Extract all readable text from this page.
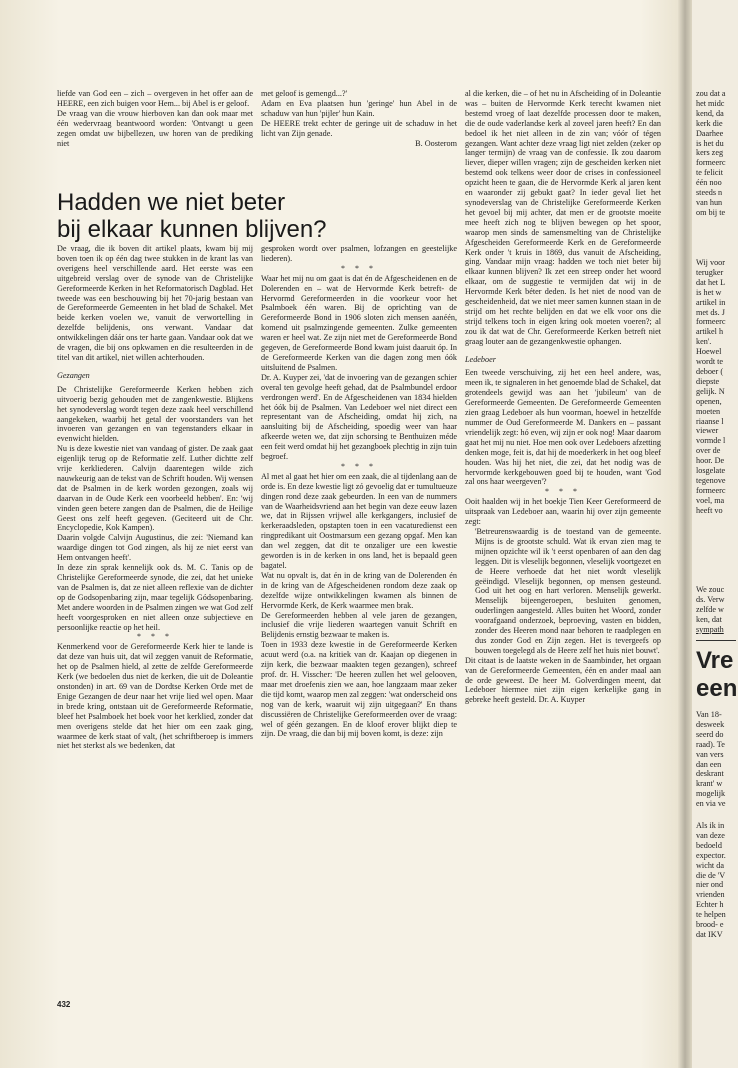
liefde van God een – zich – overgeven in het offer aan de HEERE, een zich buigen voor Hem... bij Abel is er geloof.

De vraag van die vrouw hierboven kan dan ook maar met één wedervraag beantwoord worden: 'Ontvangt u geen zegen omdat uw bijbellezen, uw horen van de prediking niet

met geloof is gemengd...?'

Adam en Eva plaatsen hun 'geringe' hun Abel in de schaduw van hun 'pijler' hun Kain.

De HEERE trekt echter de geringe uit de schaduw in het licht van Zijn genade.

B. Oosterom

Hadden we niet beter
bij elkaar kunnen blijven?

De vraag, die ik boven dit artikel plaats, kwam bij mij boven toen ik op één dag twee stukken in de krant las van overigens heel verschillende aard. Het eerste was een uitgebreid verslag over de synode van de Christelijke Gereformeerde Kerken in het Reformatorisch Dagblad. Het tweede was een beschouwing bij het 70-jarig bestaan van de Gereformeerde Gemeenten in het blad de Schakel. Met beide kerken voelen we, vanuit de verwortelling in dezelfde belijdenis, ons verwant. Vandaar dat ontwikkelingen dáár ons ter harte gaan. Vandaar ook dat we de vragen, die bij ons opkwamen en die resulteerden in de titel van dit artikel, niet willen achterhouden.

Gezangen

De Christelijke Gereformeerde Kerken hebben zich uitvoerig bezig gehouden met de zangenkwestie. Blijkens het synodeverslag wordt tegen deze zaak heel verschillend aangekeken, waarbij het getal der voorstanders van het invoeren van gezangen en van tegenstanders elkaar in evenwicht hielden.

Nu is deze kwestie niet van vandaag of gister. De zaak gaat eigenlijk terug op de Reformatie zelf. Luther dichtte zelf vrije kerkliederen. Calvijn daarentegen wilde zich nauwkeurig aan de tekst van de Schrift houden. Wij wensen dat de Psalmen in de kerk worden gezongen, zoals wij daarvan in de Oude Kerk een voorbeeld hebben'. En: 'wij vinden geen betere zangen dan de Psalmen, die de Heilige Geest ons zelf heeft gegeven. (Geciteerd uit de Chr. Encyclopedie, Kok Kampen).

Daarin volgde Calvijn Augustinus, die zei: 'Niemand kan waardige dingen tot God zingen, als hij ze niet eerst van Hem ontvangen heeft'.

In deze zin sprak kennelijk ook ds. M. C. Tanis op de Christelijke Gereformeerde synode, die zei, dat het unieke van de Psalmen is, dat ze niet alleen reflexie van de dichter op de Godsopenbaring zijn, maar tegelijk Gódsopenbaring. Met andere woorden in de Psalmen zingen we wat God zelf heeft voorgesproken en niet alleen onze subjectieve en persoonlijke reactie op het heil.

* * *

Kenmerkend voor de Gereformeerde Kerk hier te lande is dat deze van huis uit, dat wil zeggen vanuit de Reformatie, het op de Psalmen hield, al zette de zelfde Gereformeerde Kerk (we bedoelen dus niet de kerken, die uit de Doleantie onstonden) in art. 69 van de Dordtse Kerken Orde met de Enige Gezangen de deur naar het vrije lied wel open. Maar in brede kring, ontstaan uit de Gereformeerde Reformatie, bleef het Psalmboek het boek voor het kerklied, zonder dat men overigens stelde dat het hier om een zaak ging, waarmee de kerk staat of valt, (het schriftberoep is immers niet het sterkst als we bedenken, dat

gesproken wordt over psalmen, lofzangen en geestelijke liederen).

* * *

Waar het mij nu om gaat is dat én de Afgescheidenen en de Dolerenden en – wat de Hervormde Kerk betreft- de Hervormd Gereformeerden in die voorkeur voor het Psalmboek één waren. Bij de oprichting van de Gereformeerde Bond in 1906 sloten zich mensen aanéén, komend uit psalmzingende gemeenten. Zulke gemeenten waren er heel wat. Ze zijn niet met de Gereformeerde Bond gegeven, de Gereformeerde Bond kwam juist daaruit óp. In de Gereformeerde Kerken van die dagen zong men óók uitsluitend de Psalmen.

Dr. A. Kuyper zei, 'dat de invoering van de gezangen schier overal ten gevolge heeft gehad, dat de Psalmbundel erdoor verdrongen werd'. En de Afgescheidenen van 1834 hielden het óók bij de Psalmen. Van Ledeboer wel niet direct een representant van de Afscheiding, omdat hij zich, na aansluiting bij de Afscheiding, spoedig weer van haar afkeerde weten we, dat zijn schorsing te Benthuizen méde een feit werd omdat hij het gezangboek plechtig in zijn tuin begroef.

* * *

Al met al gaat het hier om een zaak, die al tijdenlang aan de orde is. En deze kwestie ligt zó gevoelig dat er tumultueuze dingen rond deze zaak gebeurden. In een van de nummers van de Waarheidsvriend aan het begin van deze eeuw lazen we, dat in Rijssen vrijwel alle kerkgangers, inclusief de kerkeraadsleden, opstapten toen in een vacaturedienst een ringpredikant uit Oostmarsum een gezang opgaf. Men kan dan wel zeggen, dat dit te onzaliger ure een kwestie geworden is in de kerken in ons land, het is bepaald geen bagatel.

Wat nu opvalt is, dat én in de kring van de Dolerenden én in de kring van de Afgescheidenen rondom deze zaak op dezelfde wijze ontwikkelingen kwamen als binnen de Hervormde Kerk, de Kerk waarmee men brak.

De Gereformeerden hebben al vele jaren de gezangen, inclusief die vrije liederen waartegen vanuit Schrift en Belijdenis ernstig bezwaar te maken is.

Toen in 1933 deze kwestie in de Gereformeerde Kerken acuut werd (o.a. na kritiek van dr. Kaajan op diegenen in zijn kerk, die bezwaar maakten tegen gezangen), schreef prof. dr. H. Visscher: 'De heeren zullen het wel gelooven, maar met droefenis zien we aan, hoe langzaam maar zeker die tijd komt, waarop men zal zeggen: 'wat onderscheid ons nog van de kerk, waaruit wij zijn uitgegaan?' En thans discussiëren de Christelijke Gereformeerden over de vraag: wel of géén gezangen. En de kloof erover blijkt diep te zijn. De vraag, die dan bij mij boven komt, is deze: zijn

al die kerken, die – of het nu in Afscheiding of in Doleantie was – buiten de Hervormde Kerk terecht kwamen niet bestemd vroeg of laat dezelfde processen door te maken, die de oude vaderlandse kerk al zoveel jaren heeft? En dan bedoel ik het niet alleen in de zin van; vóór of tégen gezangen. Want achter deze vraag ligt niet zelden (zeker op langer termijn) de vraag van de confessie. Ik zou daarom liever, dieper willen vragen; zijn de gescheiden kerken niet bestemd ook telkens weer door de crises in confessioneel opzicht heen te gaan, die de Hervormde Kerk al jaren kent en waaronder zij gebukt gaat? In ieder geval liet het synodeverslag van de Christelijke Gereformeerde Kerken het gevoel bij mij achter, dat men er de grootste moeite mee heeft zich nog te blijven bewegen op het spoor, waarop men sinds de samensmelting van de Christelijke Afgescheiden Gereformeerde Kerk en de Gereformeerde Kerk onder 't kruis in 1869, dus vanuit de Afscheiding, ging. Vandaar mijn vraag: hadden we toch niet beter bij elkaar kunnen blijven? Ik zet een streep onder het woord elkaar, om de suggestie te vermijden dat wij in de Hervormde Kerk béter deden. Is het niet de nood van de gescheidenheid, dat we niet meer samen kunnen staan in de strijd om het rechte belijden en dat we elk voor ons die strijd telkens toch in eigen kring ook moeten voeren?; al zou ik dat wat de Chr. Gereformeerde Kerken betreft niet graag louter aan de gezangenkwestie ophangen.

Ledeboer

Een tweede verschuiving, zij het een heel andere, was, meen ik, te signaleren in het genoemde blad de Schakel, dat grotendeels gewijd was aan het 'jubileum' van de Gereformeerde Gemeenten. De Gereformeerde Gemeenten zien graag Ledeboer als hun voorman, hoewel in hetzelfde nummer de Oud Gereformeerde M. Dankers en – passant vriendelijk zegt: hó even, wij zijn er ook nog! Maar daarom gaat het mij nu niet. Hoe men ook over Ledeboers afzetting denken moge, feit is, dat hij de moederkerk in het oog bleef houden. Was hij het niet, die zei, dat het nodig was de hervormde kerkgebouwen goed bij te houden, want 'God zal ons haar weergeven'?

* * *

Ooit haalden wij in het boekje Tien Keer Gereformeerd de uitspraak van Ledeboer aan, waarin hij over zijn gemeente zegt:

'Betreurenswaardig is de toestand van de gemeente. Mijns is de grootste schuld. Wat ik ervan zien mag te mijnen opzichte wil ik 't eerst openbaren of aan den dag leggen. Dit is vleselijk begonnen, vleselijk voortgezet en de Heere verhoede dat het niet wordt vleselijk geëindigd. Vleselijk begonnen, op mensen gesteund. God uit het oog en hart verloren. Menselijk gewerkt. Menselijk bijeengeroepen, besluiten genomen, ouderlingen aangesteld. Alles buiten het Woord, zonder voorafgaand onderzoek, beproeving, vasten en bidden, zonder des Heeren mond naar behoren te raadplegen en dus zonder God en Zijn zegen. Het is tevergeefs op bouwen toegelegd als de Heere zelf het huis niet bouwt'.

Dit citaat is de laatste weken in de Saambinder, het orgaan van de Gereformeerde Gemeenten, één en ander maal aan de orde geweest. De heer M. Golverdingen meent, dat Ledeboer hiermee niet zijn eigen kerkelijke gang in gebreke heeft gesteld. Dr. A. Kuyper

432
zou dat a
het midc
kend, da
kerk die
Daarhee
is het du
kers zeg
formeerc
te felicit
één noo
steeds n
van hun
om bij te
Wij voor
terugker
dat het L
is het w
artikel in
met ds. J
formeerc
artikel h
ken'.
Hoewel
wordt te
deboer (
diepste
gelijk. N
openen,
moeten
riaanse l
viewer
vormde l
over de
hoor. De
losgelate
tegenove
formeerc
voel, ma
heeft vo
We zouc
ds. Verw
zelfde w
ken, dat
sympath
Vre
een
Van 18-
desweek
seerd do
raad). Te
van vers
dan een
deskrant
krant' w
mogelijk
en via ve
Als ik in
van deze
bedoeld
expector.
wicht da
die de 'V
nier ond
vrienden
Echter h
te helpen
brood- e
dat IKV
